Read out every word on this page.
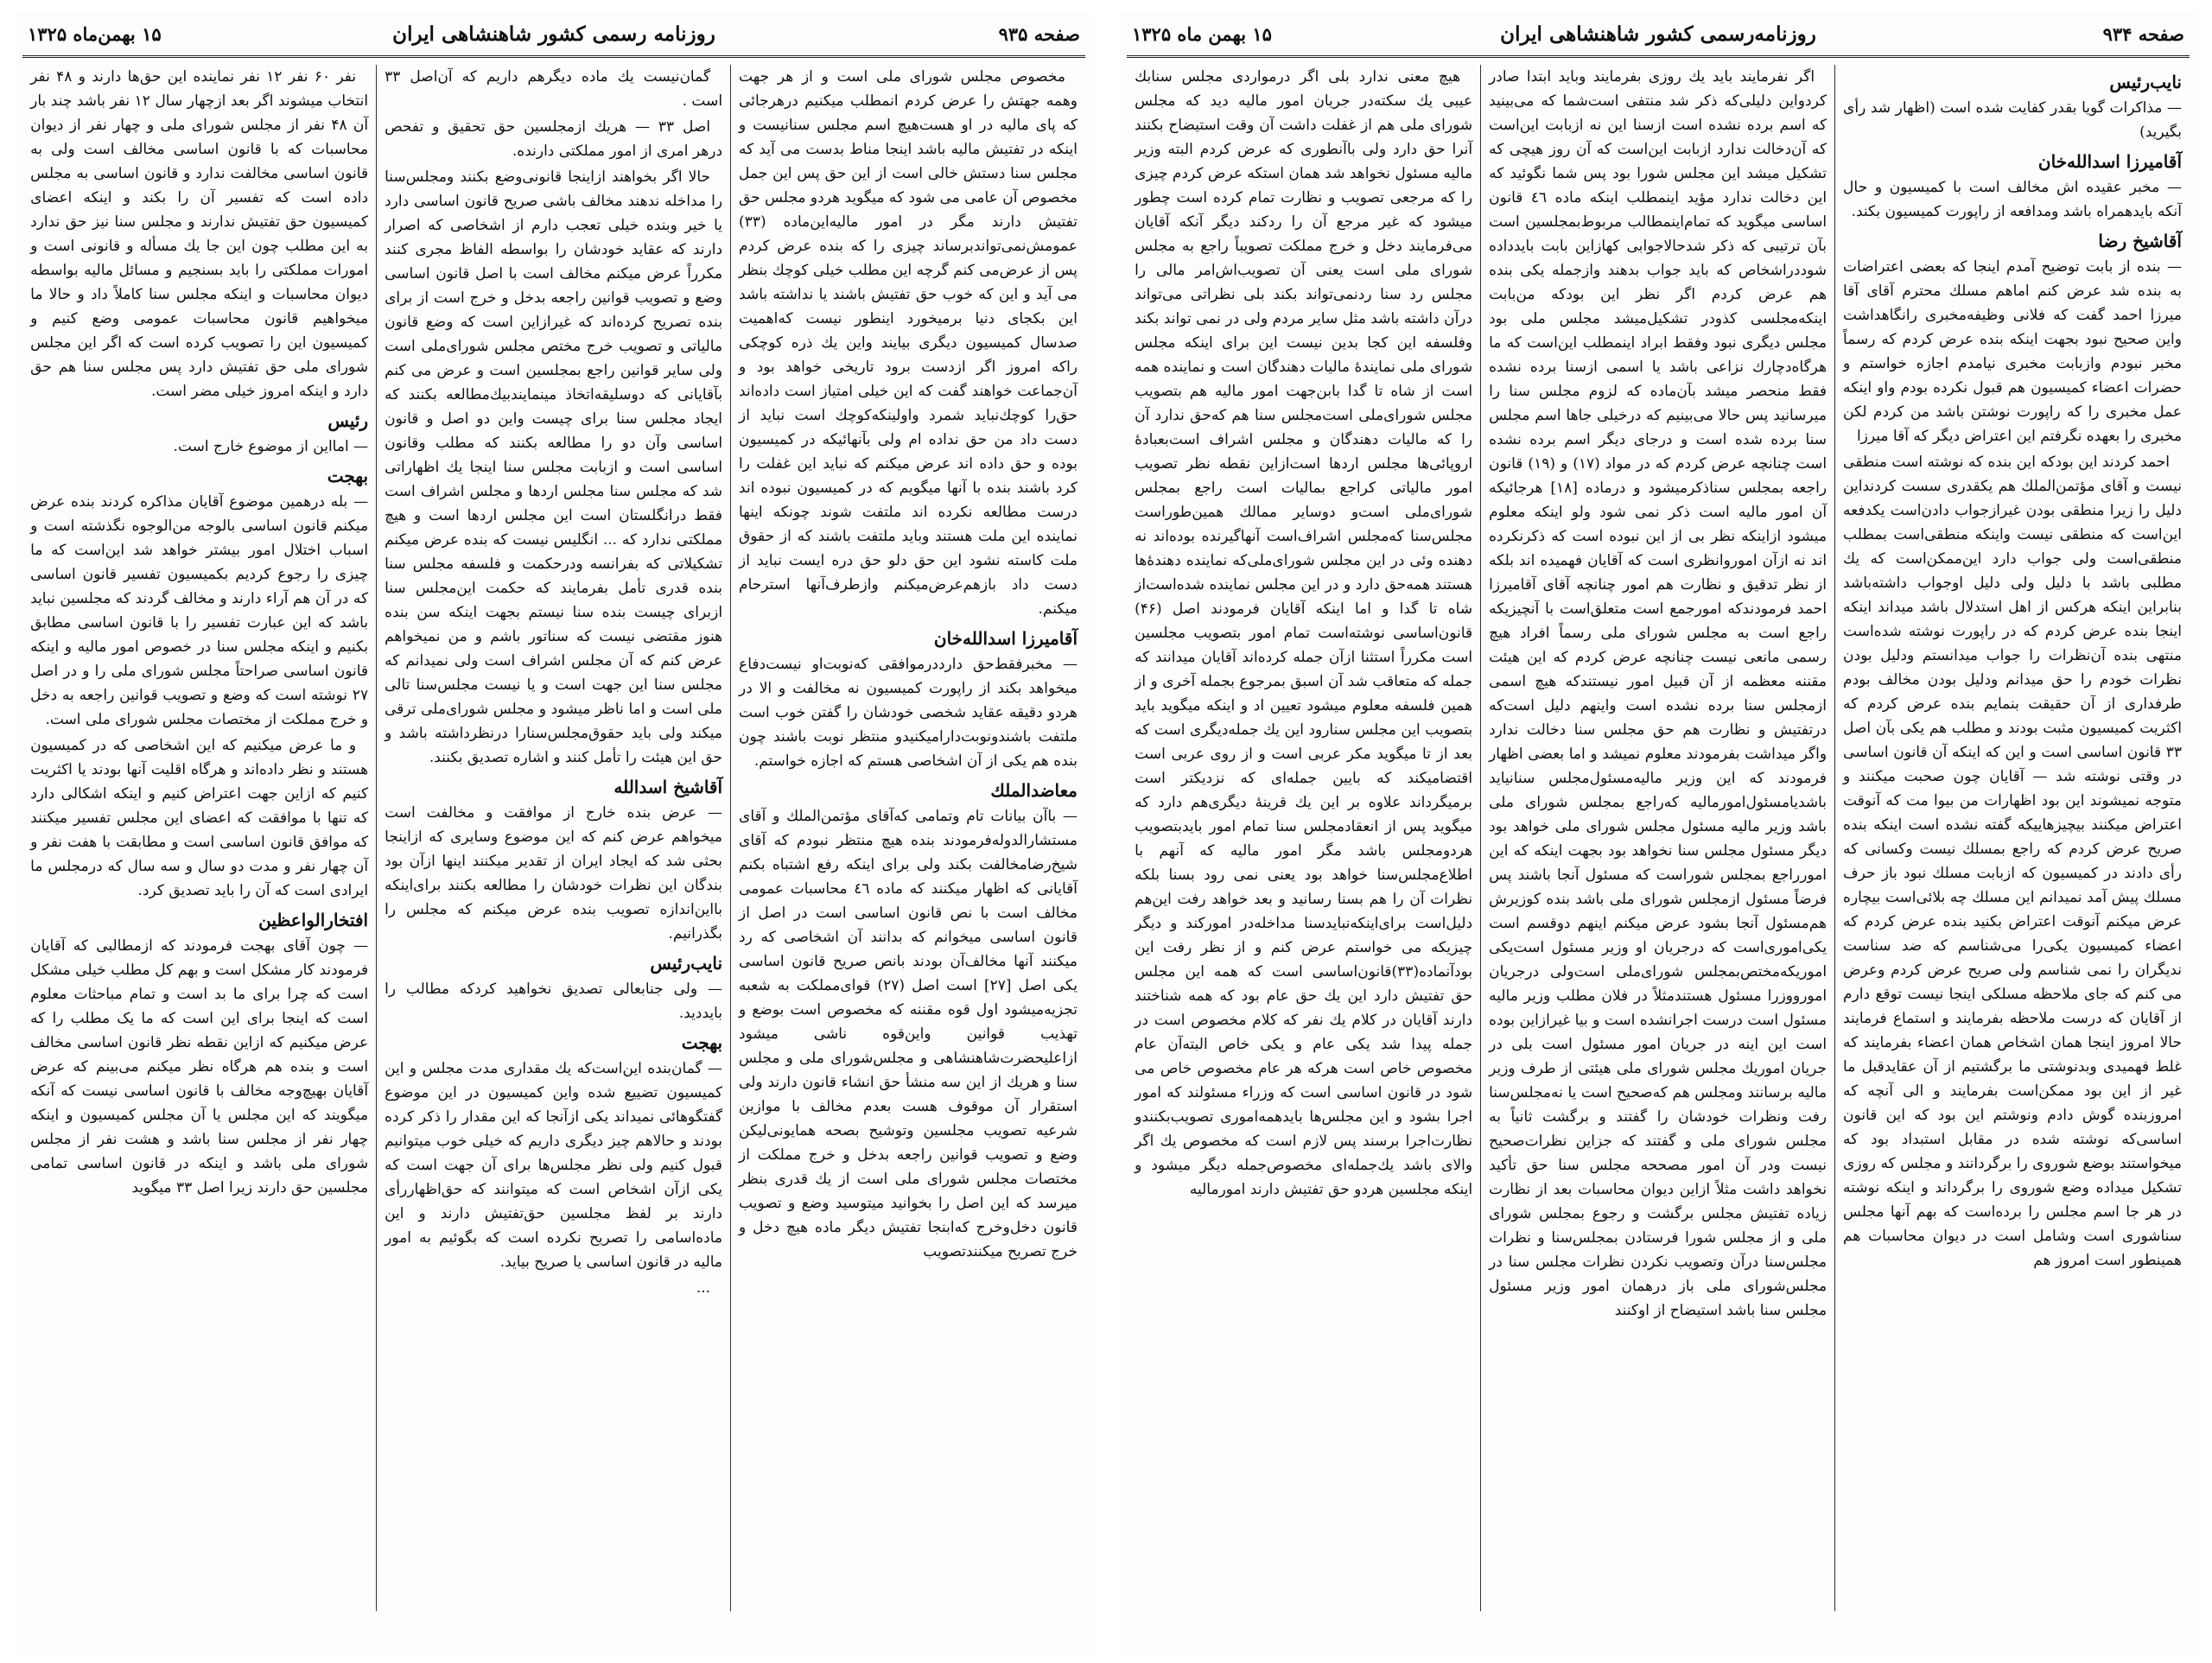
صفحه ۹۳۵
روزنامه رسمی کشور شاهنشاهی ایران
۱۵ بهمن‌ماه ۱۳۲۵

مخصوص مجلس شورای ملی است و از هر جهت وهمه جهتش را عرض کردم انمطلب میکنیم درهرجائی که پای مالیه در او هست‌هیچ اسم مجلس سنانیست و اینکه در تفتیش مالیه باشد اینجا مناط بدست می آید که مجلس سنا دستش خالی است از این حق پس این جمل مخصوص آن عامی می شود که میگوید هردو مجلس حق تفتیش دارند مگر در امور مالیه‌این‌ماده (۳۳) عمومش‌نمی‌تواندبرساند چیزی را که بنده عرض کردم پس از عرض‌می کنم گرچه این مطلب خیلی کوچك بنظر می آید و این که خوب حق تفتیش باشند یا نداشته باشد این بکجای دنیا برمیخورد اینطور نیست که‌اهمیت صدسال کمیسیون دیگری بیایند واین یك ذره کوچکی راکه امروز اگر ازدست برود تاریخی خواهد بود و آن‌جماعت خواهند گفت که این خیلی امتیاز است داده‌اند حق‌را کوچك‌نباید شمرد واولینکه‌کوچك است نباید از دست داد من حق نداده ام ولی بآنهائیکه در کمیسیون بوده و حق داده اند عرض میکنم که نباید این غفلت را کرد باشند بنده با آنها میگویم که در کمیسیون نبوده اند درست مطالعه نکرده اند ملتفت شوند چونکه اینها نماینده این ملت هستند وباید ملتفت باشند که از حقوق ملت کاسته نشود این حق دلو حق دره ایست نباید از دست داد بازهم‌عرض‌میکنم وازطرف‌آنها استرحام میکنم.

آقامیرزا اسدالله‌خان
— مخبر‌فقط‌حق دارددرموافقی که‌نوبت‌او نیست‌دفاع میخواهد بکند از راپورت کمیسیون نه مخالفت و الا در هردو دقیقه عقاید شخصی خودشان را گفتن خوب است ملتفت باشند‌ونوبت‌دارامیکنیدو منتظر نوبت باشند چون بنده هم یکی از آن اشخاصی هستم که اجازه خواستم.

معاضدالملك
— باآن بیانات تام وتمامی که‌آقای مؤتمن‌الملك و آقای مستشارالدوله‌فرمودند بنده هیچ منتظر نبودم که آقای شیخ‌رضا‌مخالفت بکند ولی برای اینکه رفع اشتباه بکنم آقایانی که اظهار میکنند که ماده ٤٦ محاسبات عمومی مخالف است با نص قانون اساسی است در اصل از قانون اساسی میخوانم که بدانند آن اشخاصی که رد میکنند آنها مخالف‌آن بودند بانص صریح قانون اساسی یکی اصل [۲۷] است اصل (۲۷) قوای‌مملکت به شعبه تجزیه‌میشود اول قوه مقننه که مخصوص است بوضع و تهذیب قوانین واین‌قوه ناشی میشود ازاعلیحضرت‌شاهنشاهی و مجلس‌شورای ملی و مجلس سنا و هریك از این سه منشأ حق انشاء قانون دارند ولی استقرار آن موقوف هست بعدم مخالف با موازین شرعیه تصویب مجلسین وتوشیح بصحه همایونی‌لیکن وضع و تصویب قوانین راجعه بدخل و خرج مملکت از مختصات مجلس شورای ملی است از یك قدری بنظر میرسد که این اصل را بخوانید میتوسید وضع و تصویب قانون دخل‌وخرج که‌ابنجا تفتیش دیگر ماده هیچ دخل و خرج تصریح میکنندتصویب

گمان‌نیست یك ماده دیگرهم داریم که آن‌اصل ۳۳ است .

اصل ۳۳ — هریك ازمجلسین حق تحقیق و تفحص درهر امری از امور مملکتی دارنده.

حالا اگر بخواهند ازاینجا قانونی‌وضع بکنند ومجلس‌سنا را مداخله ندهند مخالف باشی صریح قانون اساسی دارد یا خیر وبنده خیلی تعجب دارم از اشخاصی که اصرار دارند که عقاید خودشان را بواسطه الفاظ مجری کنند مکرراً عرض میکنم مخالف است با اصل قانون اساسی وضع و تصویب قوانین راجعه بدخل و خرج است از برای بنده تصریح کرده‌اند که غیرازاین است که وضع قانون مالیاتی و تصویب خرج مختص مجلس شورای‌ملی است ولی سایر قوانین راجع بمجلسین است و عرض می کنم بآقایانی که دوسلیقه‌اتخاذ مینمایندبیك‌مطالعه بکنند که ایجاد مجلس سنا برای چیست واین دو اصل و قانون اساسی وآن دو را مطالعه بکنند که مطلب وقانون اساسی است و ازبابت مجلس سنا اینجا یك اظهاراتی شد که مجلس سنا مجلس اردها و مجلس اشراف است فقط درانگلستان است این مجلس اردها است و هیچ مملکتی ندارد که ... انگلیس نیست که بنده عرض میکنم تشکیلاتی که بفرانسه ودرحکمت و فلسفه مجلس سنا بنده قدری تأمل بفرمایند که حکمت این‌مجلس سنا ازبرای چیست بنده سنا نیستم بجهت اینکه سن بنده هنوز مقتضی نیست که سناتور باشم و من نمیخواهم عرض کنم که آن مجلس اشراف است ولی نمیدانم که مجلس سنا این جهت است و یا نیست مجلس‌سنا تالی ملی است و اما ناظر میشود و مجلس شورای‌ملی ترقی میکند ولی باید حقوق‌مجلس‌سنارا درنظرداشته باشد و حق این هیئت را تأمل کنند و اشاره تصدیق بکنند.

آقاشیخ اسدالله
— عرض بنده خارج از موافقت و مخالفت است میخواهم عرض کنم كه این موضوع وسایری که ازاینجا بحثی شد که ایجاد ایران از تقدیر میکنند اینها ازآن بود بندگان این نظرات خودشان را مطالعه بکنند برای‌اینکه با‌این‌اندازه تصویب بنده عرض میکنم که مجلس‌ را بگذرانیم.

نایب‌رئیس
— ولی جنابعالی تصدیق نخواهید کردکه مطالب را بایددید.

بهجت
— گمان‌بنده این‌است‌که یك مقداری مدت مجلس و این کمیسیون تضییع شده واین کمیسیون در این موضوع گفتگوهائی نمیداند یکی ازآنجا که این مقدار را ذکر کرده بودند و حالاهم چیز دیگری داریم که خیلی خوب میتوانیم قبول کنیم ولی نظر مجلس‌ها برای آن جهت است که یکی ازآن اشخاص است که میتوانند که حق‌اظهاررأی دارند بر لفظ مجلسین حق‌تفتیش دارند و این ماده‌اسامی را تصریح نکرده‌ است که بگوئیم به امور مالیه در قانون اساسی یا صریح بیاید.

...

نفر ۶۰ نفر ۱۲ نفر نماینده این حق‌ها دارند و ۴۸ نفر انتخاب میشوند اگر بعد ازچهار سال ۱۲ نفر باشد چند بار آن ۴۸ نفر از مجلس شورای ملی و چهار نفر از دیوان محاسبات که با قانون اساسی مخالف است ولی به قانون اساسی مخالفت ندارد و قانون اساسی به مجلس داده است که تفسیر آن را بکند و اینکه اعضای کمیسیون حق تفتیش ندارند و مجلس سنا نیز حق ندارد به این مطلب چون این جا یك مسأله و قانونی است و امورات مملکتی را باید بسنجیم و مسائل مالیه بواسطه دیوان محاسبات و اینکه مجلس سنا کاملاً داد و حالا ما میخواهیم قانون محاسبات عمومی وضع کنیم و کمیسیون این را تصویب کرده است که اگر این مجلس شورای ملی حق تفتیش دارد پس مجلس سنا هم حق دارد و اینکه امروز خیلی مضر است.

رئیس
— امااین از موضوع خارج است.

بهجت
— بله درهمین موضوع آقایان مذاکره کردند بنده عرض میکنم قانون اساسی بالوجه من‌الوجوه نگذشته است و اسباب اختلال امور بیشتر خواهد شد این‌است که ما چیزی را رجوع کردیم بکمیسیون تفسیر قانون اساسی که در آن هم آراء دارند و مخالف گردند که مجلسین نباید باشد که این عبارت تفسیر را با قانون اساسی مطابق بکنیم و اینکه مجلس سنا در خصوص امور مالیه و اینکه قانون اساسی صراحتاً مجلس شورای ملی را و در اصل ۲۷ نوشته است که وضع و تصویب قوانین راجعه به دخل و خرج مملکت از مختصات مجلس شورای ملی است.

و ما عرض میکنیم که این اشخاصی که در کمیسیون هستند و نظر داده‌اند و هرگاه اقلیت آنها بودند یا اکثریت کنیم که ازاین جهت اعتراض کنیم و اینکه اشکالی دارد که تنها با موافقت که اعضای این مجلس تفسیر میکنند که موافق قانون اساسی است و مطابقت با هفت نفر و آن چهار نفر و مدت دو سال و سه سال که درمجلس ما ایرادی است که آن را باید تصدیق کرد.

افتخارالواعظین
— چون آقای بهجت فرمودند که ازمطالبی که آقایان فرمودند کار مشکل است و بهم کل مطلب خیلی مشکل است که چرا برای ما بد است و تمام مباحثات معلوم است که اینجا برای این است که ما یک مطلب را که عرض میکنیم که ازاین نقطه نظر قانون اساسی مخالف است و بنده هم هرگاه نظر میکنم می‌بینم که عرض آقایان بهیچ‌وجه مخالف با قانون اساسی نیست که آنکه میگویند که این مجلس یا آن مجلس کمیسیون و اینکه چهار نفر از مجلس سنا باشد و هشت نفر از مجلس شورای ملی باشد و اینکه در قانون اساسی تمامی مجلسین حق دارند زیرا اصل ۳۳ میگوید

صفحه ۹۳۴
روزنامه‌رسمی کشور شاهنشاهی ایران
۱۵ بهمن ماه ۱۳۲۵

نایب‌رئیس
— مذاکرات گویا بقدر کفایت شده است (اظهار شد رأی بگیرید)

آقامیرزا اسدالله‌خان
— مخبر عقیده اش مخالف است با کمیسیون و حال آنکه بایدهمراه باشد ومدافعه از راپورت کمیسیون بکند.

آقاشیخ رضا
— بنده از بابت توضیح آمدم اینجا که بعضی اعتراضات به بنده شد عرض کنم اماهم مسلك محترم آقای آقا میرزا احمد گفت که فلانی وظیفه‌مخبری رانگاهداشت واین صحیح نبود بجهت اینکه بنده عرض کردم که رسماً مخبر نبودم وازبابت مخبری نیامدم اجازه خواستم و حضرات اعضاء کمیسیون هم قبول نکرده بودم واو اینکه عمل مخبری را که راپورت نوشتن باشد من کردم لکن مخبری را بعهده نگرفتم این اعتراض دیگر که آقا میرزا

احمد کردند این بودکه این بنده که نوشته است منطقی نیست و آقای مؤتمن‌الملك هم یکقدری سست کردنداین دلیل را زیرا منطقی بودن غیرازجواب دادن‌است یکدفعه این‌است که منطقی نیست واینکه منطقی‌است بمطلب منطقی‌است ولی جواب دارد این‌ممکن‌است که یك مطلبی باشد با دلیل ولی دلیل اوجواب داشته‌باشد بنابراین اینکه هرکس از اهل استدلال باشد میداند اینکه اینجا بنده عرض کردم که در راپورت نوشته شده‌است منتهی بنده آن‌نظرات را جواب میدانستم ودلیل بودن نظرات خودم را حق میدانم ودلیل بودن مخالف بودم طرفداری از آن حقیقت بنمایم بنده عرض کردم که اکثریت کمیسیون مثبت بودند و مطلب هم یکی بآن اصل ۳۳ قانون اساسی است و این که اینکه آن قانون اساسی در وقتی نوشته شد — آقایان چون صحبت میکنند و متوجه نمیشوند این بود اظهارات من بیوا مت که آنوقت اعتراض میکنند بیچیزهاییکه گفته نشده است اینکه بنده صریح عرض کردم که راجع بمسلك نیست وکسانی که رأی دادند در کمیسیون که ازبابت مسلك نبود باز حرف مسلك پیش آمد نمیدانم این مسلك چه بلائی‌است بیچاره عرض میکنم آنوقت اعتراض بکنید بنده عرض کردم که اعضاء کمیسیون یکی‌را می‌شناسم که ضد سناست ندیگران را نمی شناسم ولی صریح عرض کردم وعرض می کنم که جای ملاحظه مسلکی اینجا نیست توقع دارم از آقایان که درست ملاحظه بفرمایند و استماع فرمایند حالا امروز اینجا همان اشخاص همان اعضاء بفرمایند که غلط فهمیدی وبدنوشتی ما برگشتیم از آن عقایدقبل ما غیر از این بود ممکن‌است بفرمایند و الی آنچه که امروزبنده گوش دادم ونوشتم این بود که این قانون اساسی‌که نوشته شده در مقابل استبداد بود که میخواستند بوضع شوروی را برگردانند و مجلس که روزی تشکیل میداده وضع شوروی را برگرداند و اینکه نوشته در هر جا اسم مجلس را برده‌است که بهم آنها مجلس سناشوری است وشامل است در دیوان محاسبات هم همینطور است امروز هم

اگر نفرمایند باید یك روزی بفرمایند وباید ابتدا صادر کردواین دلیلی‌که ذکر شد منتفی است‌شما که می‌بینید که اسم برده نشده است ازسنا این نه ازبابت این‌است که آن‌دخالت ندارد ازبابت این‌است که آن روز هیچی که تشکیل میشد این مجلس شورا بود پس شما نگوئید که این دخالت ندارد مؤید اینمطلب اینکه ماده ٤٦ قانون اساسی میگوید که تمام‌اینمطالب مربوط‌بمجلسین است بآن ترتیبی که ذکر شدحالاجوابی کهازاین بابت بایدداده شوددراشخاص که باید جواب بدهند وازجمله یکی بنده هم عرض کردم اگر نظر این بودکه من‌بابت اینکه‌مجلسی کذودر تشکیل‌میشد مجلس ملی بود مجلس دیگری نبود وفقط ابراد اینمطلب این‌است که ما هرگاه‌دچارك نزاعی باشد یا اسمی ازسنا برده نشده فقط منحصر میشد بآن‌ماده که لزوم مجلس سنا را میرسانید پس حالا می‌بینیم که درخیلی جاها اسم مجلس سنا برده شده است و درجای دیگر اسم برده نشده است چنانچه عرض کردم که در مواد (۱۷) و (۱۹) قانون راجعه بمجلس سناذکرمیشود و درماده [۱۸] هرجائیکه آن امور مالیه است ذکر نمی شود ولو اینکه معلوم میشود ازاینکه نظر بی از این نبوده است که ذکرنکرده اند نه ازآن اموروانظری است که آقایان فهمیده اند بلکه از نظر تدقیق و نظارت هم امور چنانچه آقای آقامیرزا احمد فرمودندکه امورجمع است متعلق‌است با آنچیزیکه راجع است به مجلس شورای ملی رسماً افراد هیچ رسمی مانعی نیست چنانچه عرض کردم که این هیئت مقننه معظمه از آن قبیل امور نیستندکه هیچ اسمی ازمجلس سنا برده نشده است واینهم دلیل است‌که درتفتیش و نظارت هم حق مجلس سنا دخالت ندارد واگر میداشت بفرمودند معلوم نمیشد و اما بعضی اظهار فرمودند که این وزیر مالیه‌مسئول‌مجلس سنانیاید باشدیامسئول‌امورمالیه که‌راجع بمجلس شورای ملی باشد وزیر مالیه مسئول مجلس شورای ملی خواهد بود دیگر مسئول مجلس سنا نخواهد بود بجهت اینکه که این امورراجع بمجلس شوراست که مسئول آنجا باشند پس فرضاً مسئول ازمجلس شورای ملی باشد بنده کوزیرش هم‌مسئول آنجا بشود عرض میکنم اینهم دوقسم است یکی‌اموری‌است که درجریان او وزیر مسئول است‌یکی اموریکه‌مختص‌بمجلس شورای‌ملی است‌ولی درجریان امورووزرا مسئول هستندمثلاً در فلان مطلب وزیر مالیه مسئول است درست اجرانشده است و بیا غیرازاین بوده است این اینه در جریان امور مسئول است‌ بلی در جریان اموریك مجلس شورای ملی هیئتی از طرف وزیر مالیه برسانند ومجلس هم که‌صحیح است یا نه‌مجلس‌سنا رفت ونظرات خودشان را گفتند و برگشت ثانیاً به مجلس شورای ملی و گفتند که جزاین نظرات‌صحیح نیست ودر آن امور مصححه مجلس سنا حق تأکید نخواهد داشت مثلاً ازاین دیوان محاسبات بعد از نظارت زیاده تفتیش مجلس برگشت و رجوع بمجلس شورای ملی و از مجلس شورا فرستادن بمجلس‌سنا و نظرات مجلس‌سنا درآن وتصویب نکردن نظرات مجلس سنا در مجلس‌شورای ملی باز درهمان امور وزیر مسئول مجلس سنا باشد استیضاح از اوکنند

هیچ معنی ندارد بلی اگر درمواردی مجلس سنابك عیبی یك سکته‌در جریان امور مالیه دید که مجلس شورای ملی هم از غفلت داشت آن وقت استیضاح بکنند آنرا حق دارد ولی باآنطوری که عرض کردم البته وزیر مالیه مسئول نخواهد شد همان استکه عرض کردم چیزی را که مرجعی تصویب و نظارت تمام کرده است چطور میشود که غیر مرجع آن را ردکند دیگر آنکه آقایان می‌فرمایند دخل و خرج مملکت تصویباً راجع به مجلس شورای ملی است یعنی آن تصویب‌اش‌امر مالی را مجلس رد سنا ردنمی‌تواند بکند بلی نظراتی می‌تواند درآن داشته باشد مثل سایر مردم ولی در نمی تواند بکند وفلسفه این کجا بدین نیست این برای اینکه مجلس شورای ملی نمایندهٔ مالیات دهندگان است و نماینده همه است از شاه تا گدا بابن‌جهت امور مالیه هم بتصویب مجلس شورای‌ملی است‌مجلس سنا هم که‌حق ندارد آن‌ را که مالیات دهندگان و مجلس اشراف است‌بعبادهٔ اروپائی‌ها مجلس اردها است‌ازاین نقطه نظر تصویب امور مالیاتی کراجع بمالیات است راجع بمجلس شورای‌ملی است‌و دوسایر ممالك همین‌طوراست مجلس‌سنا که‌مجلس اشراف‌است آنهاگیرنده بوده‌اند نه دهنده وئی در این مجلس شورای‌ملی‌که نماینده دهندهٔ‌ها هستند همه‌حق دارد و در این مجلس نماینده شده‌است‌از شاه تا گدا و اما اینکه آقایان فرمودند اصل (۴۶) قانون‌اساسی نوشته‌است تمام امور بتصویب مجلسین است مکرراً استثنا ازآن جمله کرده‌اند آقایان میدانند که جمله که متعاقب شد آن اسبق بمرجوع بجمله آخری و از همین فلسفه معلوم میشود تعیین اد و اینکه میگوید باید بتصویب این مجلس سنارود این یك جمله‌دیگری است که بعد از تا میگوید مکر عربی است و از روی عربی است اقتضامیکند که بایین جمله‌ای که نزدیکتر است برمیگرداند علاوه بر این یك قرینهٔ دیگری‌هم دارد که میگوید پس از انعقادمجلس سنا تمام امور بایدبتصویب هردومجلس باشد مگر امور مالیه که آنهم با اطلاع‌مجلس‌سنا خواهد بود یعنی نمی رود بسنا بلکه نظرات آن را هم بسنا رسانید و بعد خواهد رفت این‌هم دلیل‌است برای‌اینکه‌نبایدسنا مداخله‌در امورکند و دیگر چیزیکه می خواستم عرض کنم و از نظر رفت این بودآنماده(۳۳)قانون‌اساسی است که همه این مجلس حق تفتیش دارد این یك حق عام بود که همه شناختند دارند آقایان در کلام یك نفر که کلام مخصوص است در جمله پیدا شد یکی عام و یکی خاص البته‌آن عام‌ مخصوص خاص است هرکه هر عام مخصوص خاص می شود در قانون اساسی است که وزراء مسئولند که امور اجرا بشود و این مجلس‌ها بایدهمه‌اموری تصویب‌بکنندو نظارت‌اجرا برسند پس لازم است که مخصوص یك اگر والای باشد یك‌جمله‌ای مخصوص‌جمله‌ دیگر میشود و اینکه مجلسین هردو حق تفتیش دارند امورمالیه
